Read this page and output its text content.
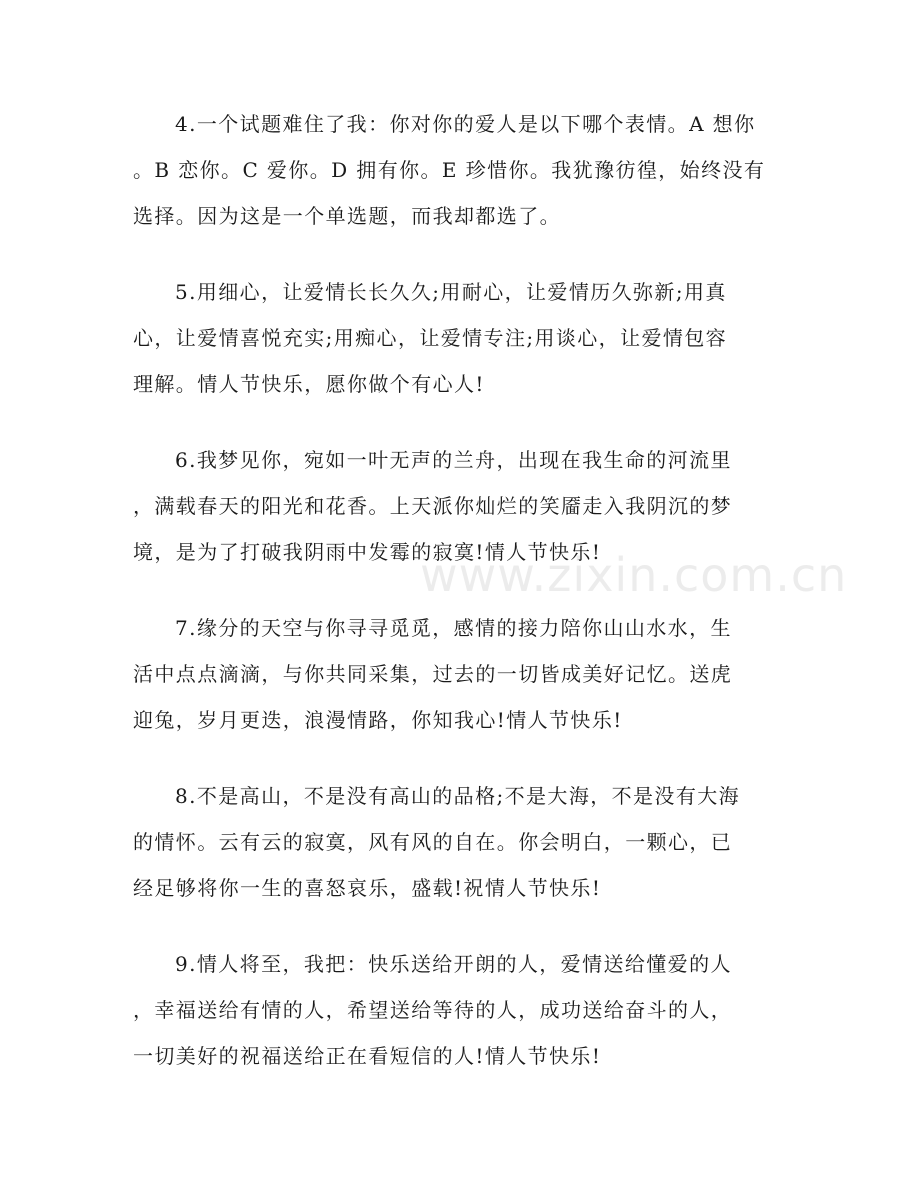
4.一个试题难住了我：你对你的爱人是以下哪个表情。A 想你
。B 恋你。C 爱你。D 拥有你。E 珍惜你。我犹豫彷徨，始终没有
选择。因为这是一个单选题，而我却都选了。

5.用细心，让爱情长长久久;用耐心，让爱情历久弥新;用真
心，让爱情喜悦充实;用痴心，让爱情专注;用谈心，让爱情包容
理解。情人节快乐，愿你做个有心人!

6.我梦见你，宛如一叶无声的兰舟，出现在我生命的河流里
，满载春天的阳光和花香。上天派你灿烂的笑靥走入我阴沉的梦
境，是为了打破我阴雨中发霉的寂寞!情人节快乐!

7.缘分的天空与你寻寻觅觅，感情的接力陪你山山水水，生
活中点点滴滴，与你共同采集，过去的一切皆成美好记忆。送虎
迎兔，岁月更迭，浪漫情路，你知我心!情人节快乐!

8.不是高山，不是没有高山的品格;不是大海，不是没有大海
的情怀。云有云的寂寞，风有风的自在。你会明白，一颗心，已
经足够将你一生的喜怒哀乐，盛载!祝情人节快乐!

9.情人将至，我把：快乐送给开朗的人，爱情送给懂爱的人
，幸福送给有情的人，希望送给等待的人，成功送给奋斗的人，
一切美好的祝福送给正在看短信的人!情人节快乐!

www.zixin.com.cn
